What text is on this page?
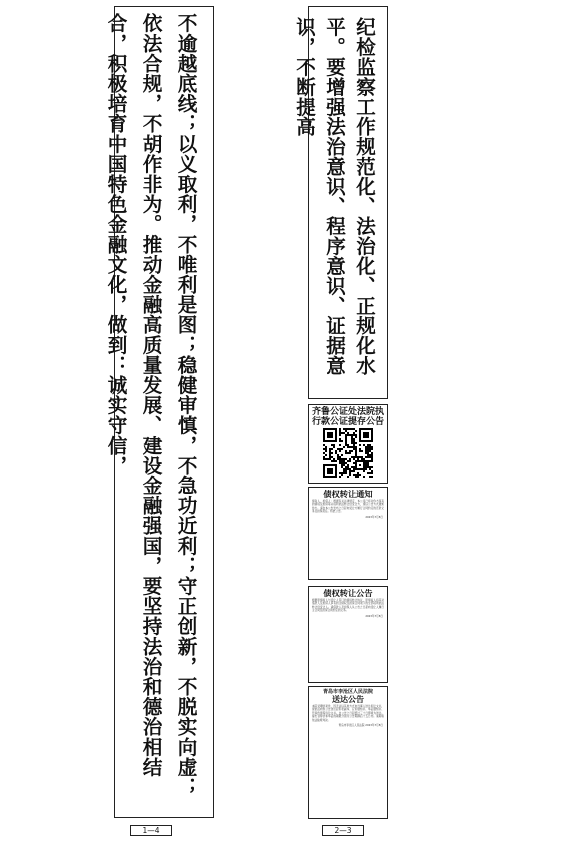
不逾越底线；以义取利，不唯利是图；稳健审慎，不急功近利；守正创新，不脱实向虚；依法合规，不胡作非为。推动金融高质量发展、建设金融强国，要坚持法治和德治相结合，积极培育中国特色金融文化，做到：诚实守信，	纪检监察工作规范化、法治化、正规化水平。要增强法治意识、程序意识、证据意识，不断提高
齐鲁公证处法院执行款公证提存公告
债权转让通知
债务人、担保人：根据有关法律规定，本公司已将对你方享有的债权及担保等从权利依法转让给受让方，现以公告方式通知你方。请自本公告发布之日起向受让方履行合同约定的还款义务及担保责任。特此公告。
2023年7月8日
债权转让公告
根据原债权人与受让人签订的债权转让协议，原债权人将其对借款人及担保人享有的主债权及担保合同项下的全部权利依法转让给受让人。请借款人及担保人从公告之日起向受让人履行主合同及担保合同约定的义务。
2023年7月8日
青岛市李沧区人民法院
送达公告
本院受理的案件，因无法以其他方式向当事人送达诉讼文书，现依法向你公告送达起诉状副本、应诉通知书、举证通知书、开庭传票等诉讼文书。自公告之日起经过三十日即视为送达。提出答辩状和举证的期限分别为公告期满后十五日内。逾期将依法缺席判决。
青岛市李沧区人民法院 2023年7月8日
1—4	2—3
